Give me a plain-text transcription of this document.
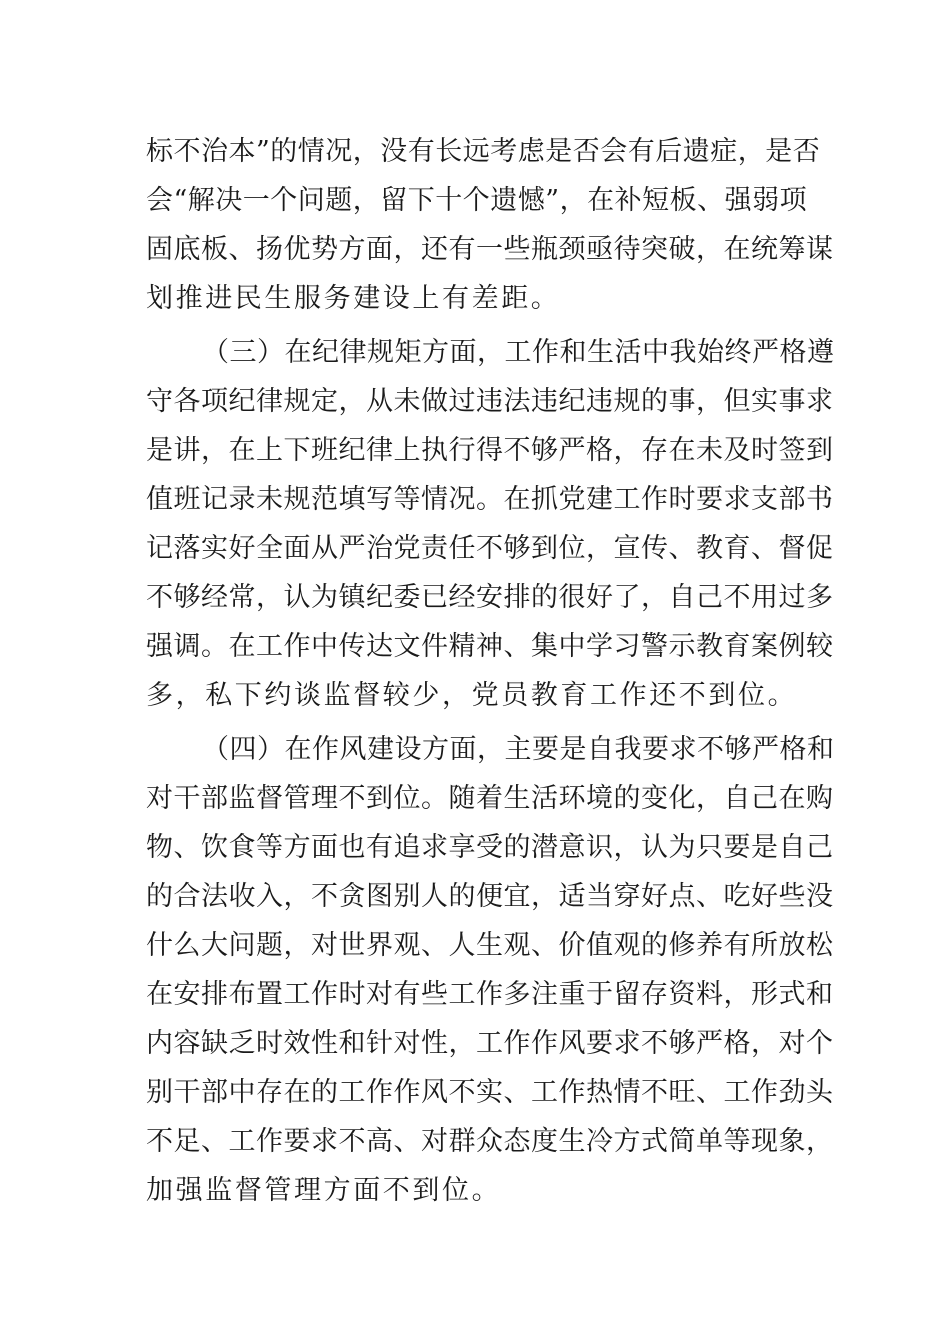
标不治本”的情况，没有长远考虑是否会有后遗症，是否
会“解决一个问题，留下十个遗憾”，在补短板、强弱项
固底板、扬优势方面，还有一些瓶颈亟待突破，在统筹谋
划推进民生服务建设上有差距。
（三）在纪律规矩方面，工作和生活中我始终严格遵
守各项纪律规定，从未做过违法违纪违规的事，但实事求
是讲，在上下班纪律上执行得不够严格，存在未及时签到
值班记录未规范填写等情况。在抓党建工作时要求支部书
记落实好全面从严治党责任不够到位，宣传、教育、督促
不够经常，认为镇纪委已经安排的很好了，自己不用过多
强调。在工作中传达文件精神、集中学习警示教育案例较
多，私下约谈监督较少，党员教育工作还不到位。
（四）在作风建设方面，主要是自我要求不够严格和
对干部监督管理不到位。随着生活环境的变化，自己在购
物、饮食等方面也有追求享受的潜意识，认为只要是自己
的合法收入，不贪图别人的便宜，适当穿好点、吃好些没
什么大问题，对世界观、人生观、价值观的修养有所放松
在安排布置工作时对有些工作多注重于留存资料，形式和
内容缺乏时效性和针对性，工作作风要求不够严格，对个
别干部中存在的工作作风不实、工作热情不旺、工作劲头
不足、工作要求不高、对群众态度生冷方式简单等现象，
加强监督管理方面不到位。
